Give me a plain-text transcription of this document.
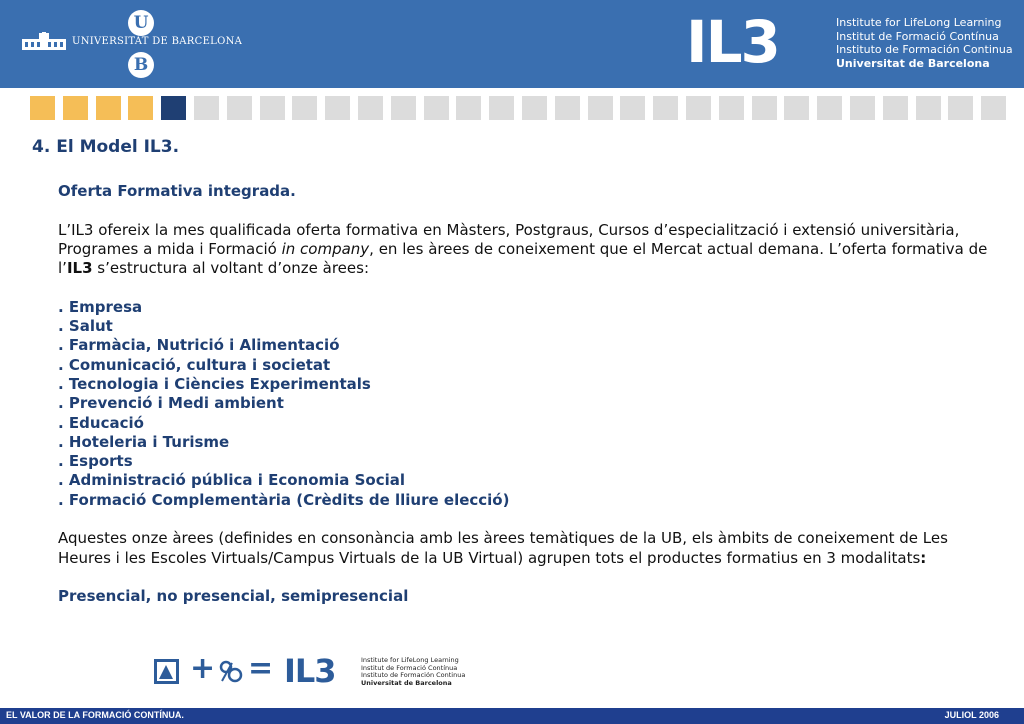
U
UNIVERSITAT DE BARCELONA
B	IL3	Institute for LifeLong Learning
Institut de Formació Contínua
Instituto de Formación Continua
Universitat de Barcelona
4. El Model IL3.

Oferta Formativa integrada.

L’IL3 ofereix la mes qualificada oferta formativa en Màsters, Postgraus, Cursos d’especialització i extensió universitària, Programes a mida i Formació in company, en les àrees de coneixement que el Mercat actual demana. L’oferta formativa de l’IL3 s’estructura al voltant d’onze àrees:

. Empresa
. Salut
. Farmàcia, Nutrició i Alimentació
. Comunicació, cultura i societat
. Tecnologia i Ciències Experimentals
. Prevenció i Medi ambient
. Educació
. Hoteleria i Turisme
. Esports
. Administració pública i Economia Social
. Formació Complementària (Crèdits de lliure elecció)

Aquestes onze àrees (definides en consonància amb les àrees temàtiques de la UB, els àmbits de coneixement de Les Heures i les Escoles Virtuals/Campus Virtuals de la UB Virtual) agrupen tots el productes formatius en 3 modalitats:

Presencial, no presencial, semipresencial

+ = IL3	Institute for LifeLong Learning
Institut de Formació Contínua
Instituto de Formación Continua
Universitat de Barcelona
EL VALOR DE LA FORMACIÓ CONTÍNUA.	JULIOL 2006
